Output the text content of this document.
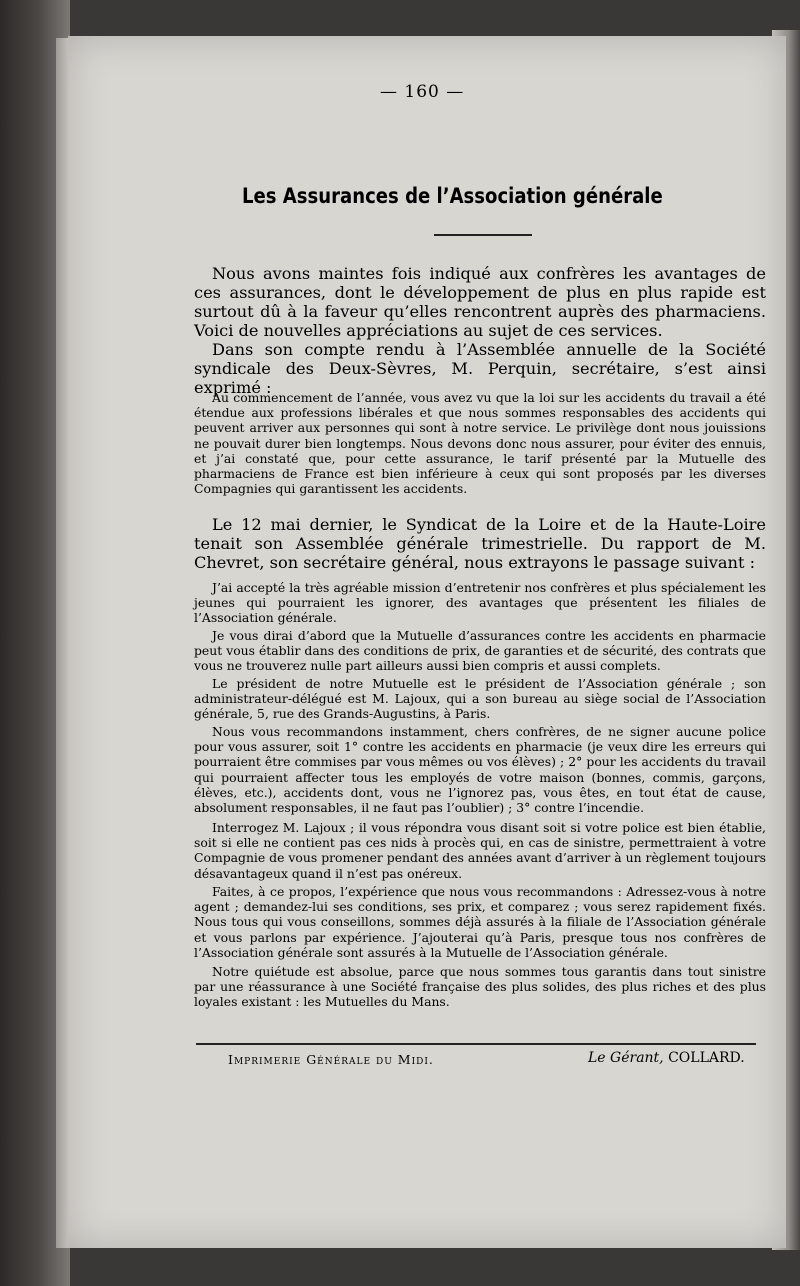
— 160 —
Les Assurances de l’Association générale

Nous avons maintes fois indiqué aux confrères les avantages de ces assurances, dont le développement de plus en plus rapide est surtout dû à la faveur qu’elles rencontrent auprès des pharmaciens. Voici de nouvelles appréciations au sujet de ces services.

Dans son compte rendu à l’Assemblée annuelle de la Société syndicale des Deux-Sèvres, M. Perquin, secrétaire, s’est ainsi exprimé :

Au commencement de l’année, vous avez vu que la loi sur les accidents du travail a été étendue aux professions libérales et que nous sommes responsables des accidents qui peuvent arriver aux personnes qui sont à notre service. Le privilège dont nous jouissions ne pouvait durer bien longtemps. Nous devons donc nous assurer, pour éviter des ennuis, et j’ai constaté que, pour cette assurance, le tarif présenté par la Mutuelle des pharmaciens de France est bien inférieure à ceux qui sont proposés par les diverses Compagnies qui garantissent les accidents.

Le 12 mai dernier, le Syndicat de la Loire et de la Haute-Loire tenait son Assemblée générale trimestrielle. Du rapport de M. Chevret, son secrétaire général, nous extrayons le passage suivant :

J’ai accepté la très agréable mission d’entretenir nos confrères et plus spécialement les jeunes qui pourraient les ignorer, des avantages que présentent les filiales de l’Association générale.

Je vous dirai d’abord que la Mutuelle d’assurances contre les accidents en pharmacie peut vous établir dans des conditions de prix, de garanties et de sécurité, des contrats que vous ne trouverez nulle part ailleurs aussi bien compris et aussi complets.

Le président de notre Mutuelle est le président de l’Association générale ; son administrateur-délégué est M. Lajoux, qui a son bureau au siège social de l’Association générale, 5, rue des Grands-Augustins, à Paris.

Nous vous recommandons instamment, chers confrères, de ne signer aucune police pour vous assurer, soit 1° contre les accidents en pharmacie (je veux dire les erreurs qui pourraient être commises par vous mêmes ou vos élèves) ; 2° pour les accidents du travail qui pourraient affecter tous les employés de votre maison (bonnes, commis, garçons, élèves, etc.), accidents dont, vous ne l’ignorez pas, vous êtes, en tout état de cause, absolument responsables, il ne faut pas l’oublier) ; 3° contre l’incendie.

Interrogez M. Lajoux ; il vous répondra vous disant soit si votre police est bien établie, soit si elle ne contient pas ces nids à procès qui, en cas de sinistre, permettraient à votre Compagnie de vous promener pendant des années avant d’arriver à un règlement toujours désavantageux quand il n’est pas onéreux.

Faites, à ce propos, l’expérience que nous vous recommandons : Adressez-vous à notre agent ; demandez-lui ses conditions, ses prix, et comparez ; vous serez rapidement fixés. Nous tous qui vous conseillons, sommes déjà assurés à la filiale de l’Association générale et vous parlons par expérience. J’ajouterai qu’à Paris, presque tous nos confrères de l’Association générale sont assurés à la Mutuelle de l’Association générale.

Notre quiétude est absolue, parce que nous sommes tous garantis dans tout sinistre par une réassurance à une Société française des plus solides, des plus riches et des plus loyales existant : les Mutuelles du Mans.

Imprimerie Générale du Midi.	Le Gérant, COLLARD.
